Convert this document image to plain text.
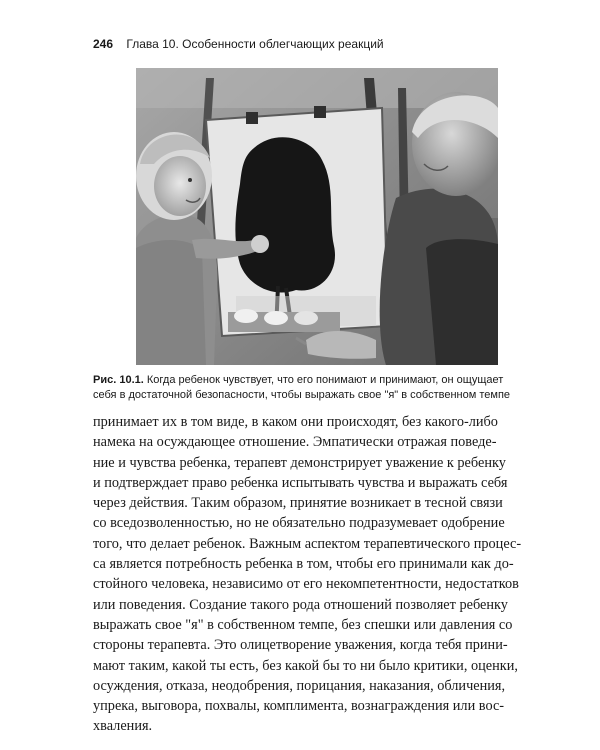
246 Глава 10. Особенности облегчающих реакций
Рис. 10.1. Когда ребенок чувствует, что его понимают и принимают, он ощущает
себя в достаточной безопасности, чтобы выражать свое "я" в собственном темпе
принимает их в том виде, в каком они происходят, без какого-либо
намека на осуждающее отношение. Эмпатически отражая поведе-
ние и чувства ребенка, терапевт демонстрирует уважение к ребенку
и подтверждает право ребенка испытывать чувства и выражать себя
через действия. Таким образом, принятие возникает в тесной связи
со вседозволенностью, но не обязательно подразумевает одобрение
того, что делает ребенок. Важным аспектом терапевтического процес-
са является потребность ребенка в том, чтобы его принимали как до-
стойного человека, независимо от его некомпетентности, недостатков
или поведения. Создание такого рода отношений позволяет ребенку
выражать свое "я" в собственном темпе, без спешки или давления со
стороны терапевта. Это олицетворение уважения, когда тебя прини-
мают таким, какой ты есть, без какой бы то ни было критики, оценки,
осуждения, отказа, неодобрения, порицания, наказания, обличения,
упрека, выговора, похвалы, комплимента, вознаграждения или вос-
хваления.
